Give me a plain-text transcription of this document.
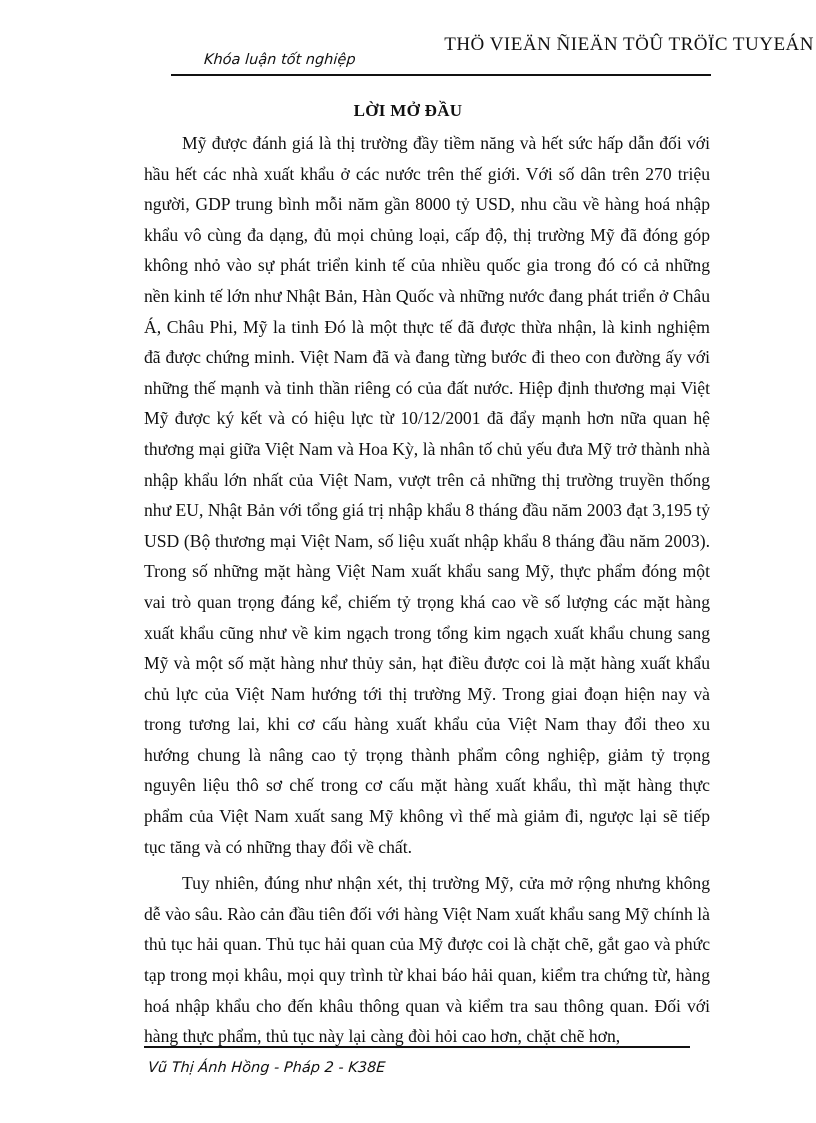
THÖ VIEÄN ÑIEÄN TÖÛ TRÖÏC TUYEÁN
Khóa luận tốt nghiệp
LỜI MỞ ĐẦU

Mỹ được đánh giá là thị trường đầy tiềm năng và hết sức hấp dẫn đối với hầu hết các nhà xuất khẩu ở các nước trên thế giới. Với số dân trên 270 triệu người, GDP trung bình mỗi năm gần 8000 tỷ USD, nhu cầu về hàng hoá nhập khẩu vô cùng đa dạng, đủ mọi chủng loại, cấp độ, thị trường Mỹ đã đóng góp không nhỏ vào sự phát triển kinh tế của nhiều quốc gia trong đó có cả những nền kinh tế lớn như Nhật Bản, Hàn Quốc và những nước đang phát triển ở Châu Á, Châu Phi, Mỹ la tinh Đó là một thực tế đã được thừa nhận, là kinh nghiệm đã được chứng minh. Việt Nam đã và đang từng bước đi theo con đường ấy với những thế mạnh và tinh thần riêng có của đất nước. Hiệp định thương mại Việt Mỹ được ký kết và có hiệu lực từ 10/12/2001 đã đẩy mạnh hơn nữa quan hệ thương mại giữa Việt Nam và Hoa Kỳ, là nhân tố chủ yếu đưa Mỹ trở thành nhà nhập khẩu lớn nhất của Việt Nam, vượt trên cả những thị trường truyền thống như EU, Nhật Bản với tổng giá trị nhập khẩu 8 tháng đầu năm 2003 đạt 3,195 tỷ USD (Bộ thương mại Việt Nam, số liệu xuất nhập khẩu 8 tháng đầu năm 2003). Trong số những mặt hàng Việt Nam xuất khẩu sang Mỹ, thực phẩm đóng một vai trò quan trọng đáng kể, chiếm tỷ trọng khá cao về số lượng các mặt hàng xuất khẩu cũng như về kim ngạch trong tổng kim ngạch xuất khẩu chung sang Mỹ và một số mặt hàng như thủy sản, hạt điều được coi là mặt hàng xuất khẩu chủ lực của Việt Nam hướng tới thị trường Mỹ. Trong giai đoạn hiện nay và trong tương lai, khi cơ cấu hàng xuất khẩu của Việt Nam thay đổi theo xu hướng chung là nâng cao tỷ trọng thành phẩm công nghiệp, giảm tỷ trọng nguyên liệu thô sơ chế trong cơ cấu mặt hàng xuất khẩu, thì mặt hàng thực phẩm của Việt Nam xuất sang Mỹ không vì thế mà giảm đi, ngược lại sẽ tiếp tục tăng và có những thay đổi về chất.

Tuy nhiên, đúng như nhận xét, thị trường Mỹ, cửa mở rộng nhưng không dễ vào sâu. Rào cản đầu tiên đối với hàng Việt Nam xuất khẩu sang Mỹ chính là thủ tục hải quan. Thủ tục hải quan của Mỹ được coi là chặt chẽ, gắt gao và phức tạp trong mọi khâu, mọi quy trình từ khai báo hải quan, kiểm tra chứng từ, hàng hoá nhập khẩu cho đến khâu thông quan và kiểm tra sau thông quan. Đối với hàng thực phẩm, thủ tục này lại càng đòi hỏi cao hơn, chặt chẽ hơn,

Vũ Thị Ánh Hồng - Pháp 2 - K38E
